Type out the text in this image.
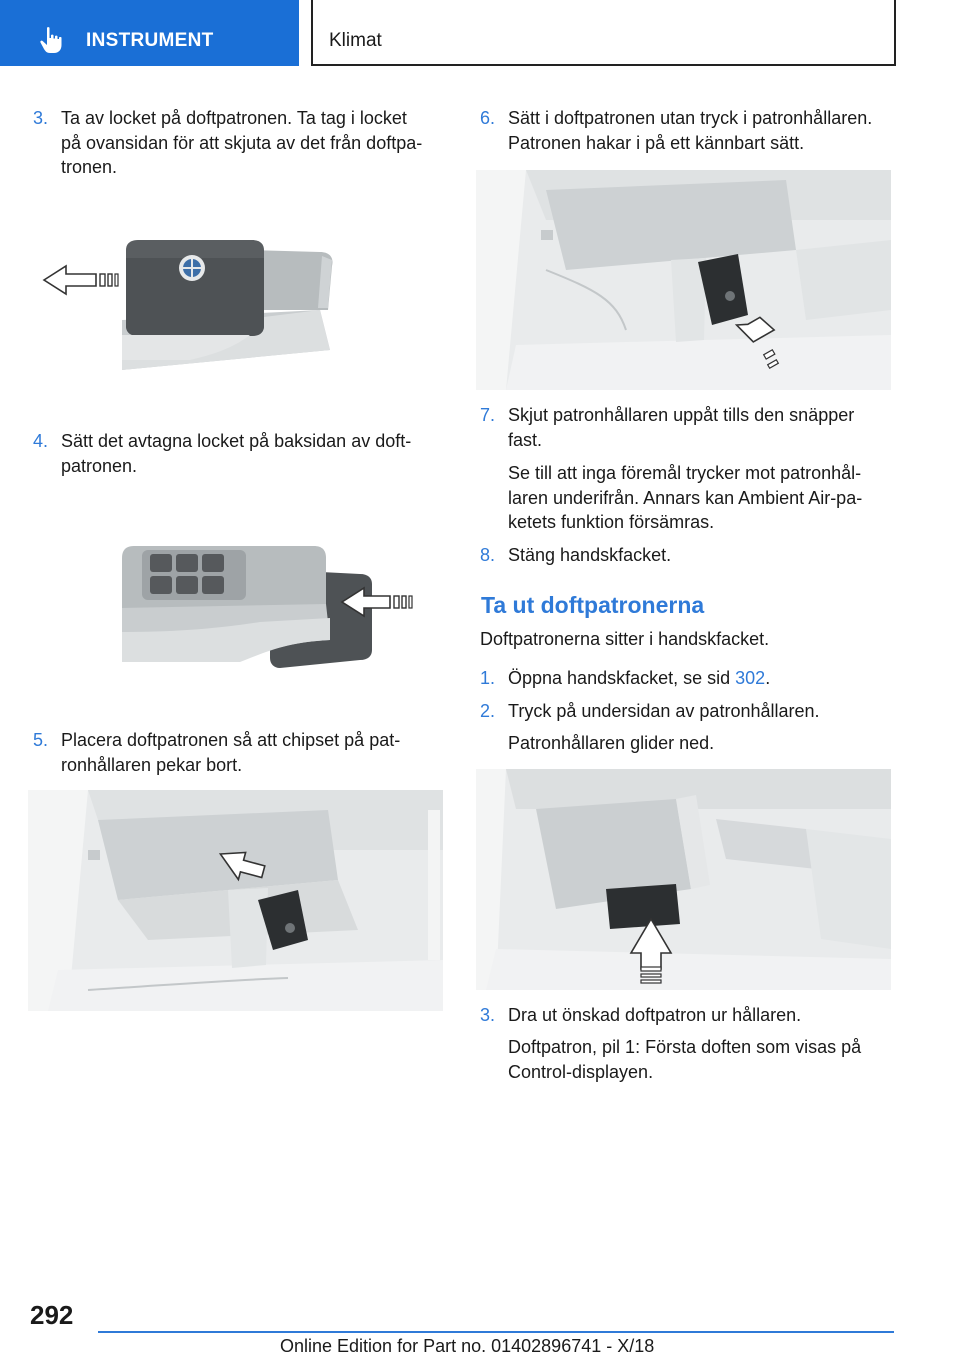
INSTRUMENT	Klimat
3. Ta av locket på doftpatronen. Ta tag i locket
på ovansidan för att skjuta av det från doftpa‐
tronen.
4. Sätt det avtagna locket på baksidan av doft‐
patronen.
5. Placera doftpatronen så att chipset på pat‐
ronhållaren pekar bort.
6. Sätt i doftpatronen utan tryck i patronhållaren.
Patronen hakar i på ett kännbart sätt.
7. Skjut patronhållaren uppåt tills den snäpper
fast.
Se till att inga föremål trycker mot patronhål‐
laren underifrån. Annars kan Ambient Air-pa‐
ketets funktion försämras.
8. Stäng handskfacket.
Ta ut doftpatronerna
Doftpatronerna sitter i handskfacket.
1. Öppna handskfacket, se sid 302.
2. Tryck på undersidan av patronhållaren.
Patronhållaren glider ned.
3. Dra ut önskad doftpatron ur hållaren.
Doftpatron, pil 1: Första doften som visas på
Control-displayen.
292
Online Edition for Part no. 01402896741 - X/18
